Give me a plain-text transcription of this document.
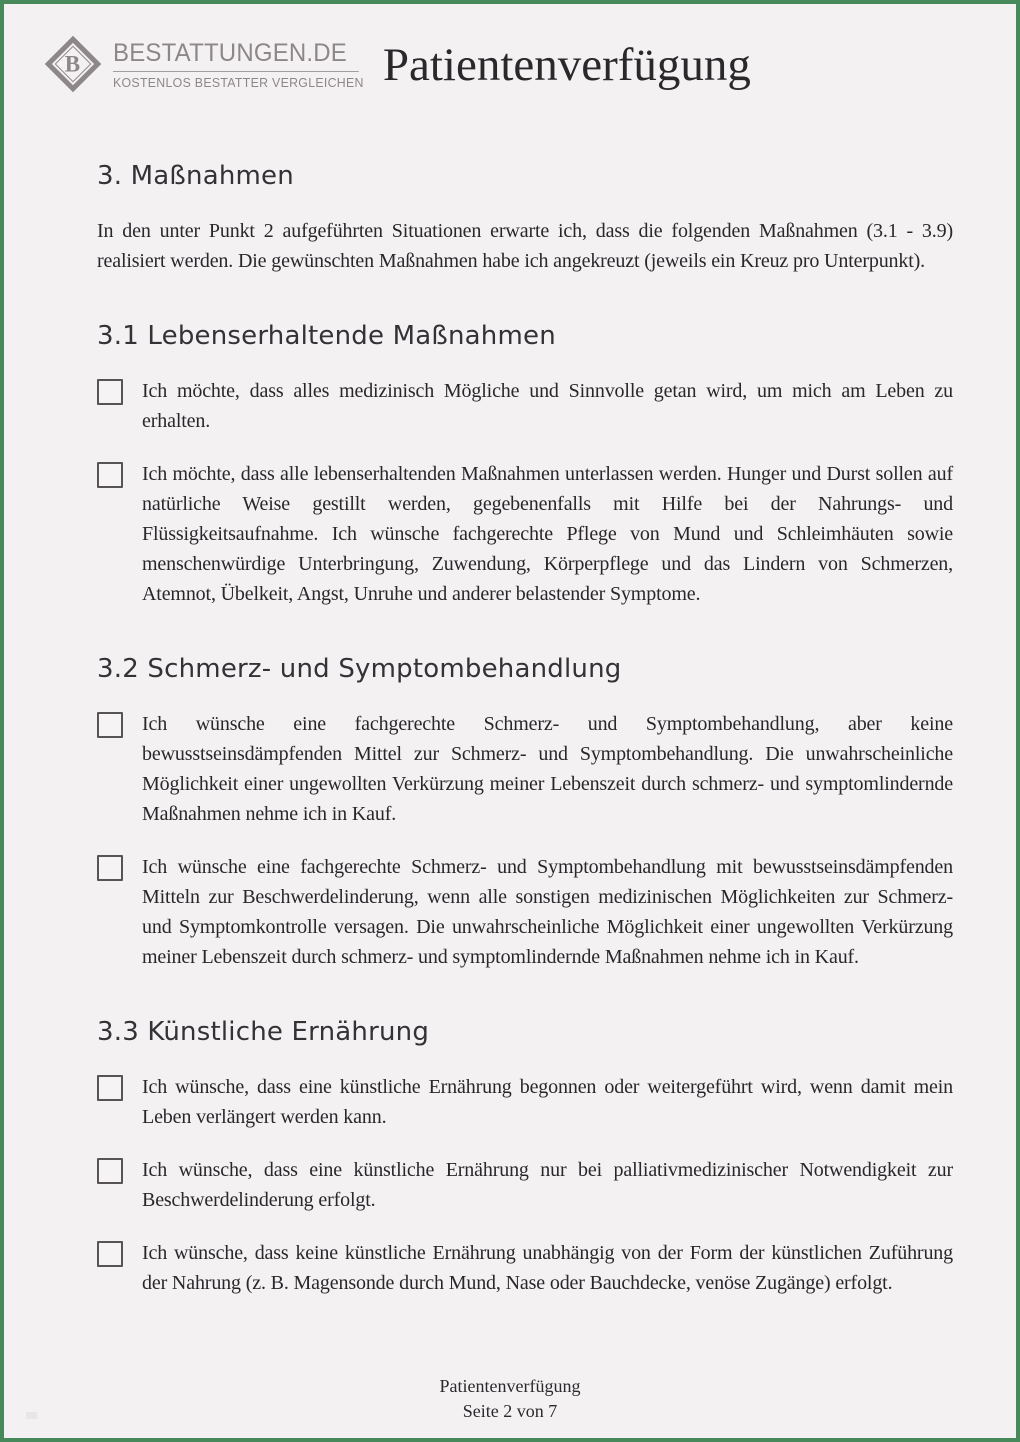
B BESTATTUNGEN.DE
KOSTENLOS BESTATTER VERGLEICHEN Patientenverfügung
3. Maßnahmen

In den unter Punkt 2 aufgeführten Situationen erwarte ich, dass die folgenden Maßnahmen (3.1 - 3.9) realisiert werden. Die gewünschten Maßnahmen habe ich angekreuzt (jeweils ein Kreuz pro Unterpunkt).

3.1 Lebenserhaltende Maßnahmen

Ich möchte, dass alles medizinisch Mögliche und Sinnvolle getan wird, um mich am Leben zu erhalten.

Ich möchte, dass alle lebenserhaltenden Maßnahmen unterlassen werden. Hunger und Durst sollen auf natürliche Weise gestillt werden, gegebenenfalls mit Hilfe bei der Nahrungs- und Flüssigkeitsaufnahme. Ich wünsche fachgerechte Pflege von Mund und Schleimhäuten sowie menschenwürdige Unterbringung, Zuwendung, Körperpflege und das Lindern von Schmerzen, Atemnot, Übelkeit, Angst, Unruhe und anderer belastender Symptome.

3.2 Schmerz- und Symptombehandlung

Ich wünsche eine fachgerechte Schmerz- und Symptombehandlung, aber keine bewusstseinsdämpfenden Mittel zur Schmerz- und Symptombehandlung. Die unwahrscheinliche Möglichkeit einer ungewollten Verkürzung meiner Lebenszeit durch schmerz- und symptomlindernde Maßnahmen nehme ich in Kauf.

Ich wünsche eine fachgerechte Schmerz- und Symptombehandlung mit bewusstseinsdämpfenden Mitteln zur Beschwerdelinderung, wenn alle sonstigen medizinischen Möglichkeiten zur Schmerz- und Symptomkontrolle versagen. Die unwahrscheinliche Möglichkeit einer ungewollten Verkürzung meiner Lebenszeit durch schmerz- und symptomlindernde Maßnahmen nehme ich in Kauf.

3.3 Künstliche Ernährung

Ich wünsche, dass eine künstliche Ernährung begonnen oder weitergeführt wird, wenn damit mein Leben verlängert werden kann.

Ich wünsche, dass eine künstliche Ernährung nur bei palliativmedizinischer Notwendigkeit zur Beschwerdelinderung erfolgt.

Ich wünsche, dass keine künstliche Ernährung unabhängig von der Form der künstlichen Zuführung der Nahrung (z. B. Magensonde durch Mund, Nase oder Bauchdecke, venöse Zugänge) erfolgt.

Patientenverfügung
Seite 2 von 7
